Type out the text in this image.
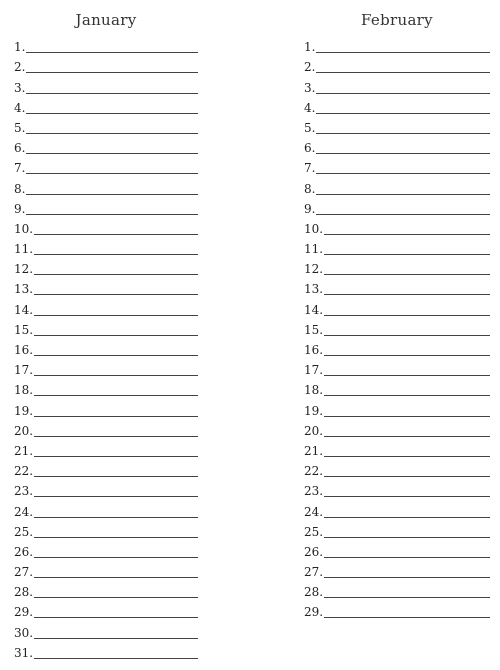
January
1.
2.
3.
4.
5.
6.
7.
8.
9.
10.
11.
12.
13.
14.
15.
16.
17.
18.
19.
20.
21.
22.
23.
24.
25.
26.
27.
28.
29.
30.
31.
February
1.
2.
3.
4.
5.
6.
7.
8.
9.
10.
11.
12.
13.
14.
15.
16.
17.
18.
19.
20.
21.
22.
23.
24.
25.
26.
27.
28.
29.
